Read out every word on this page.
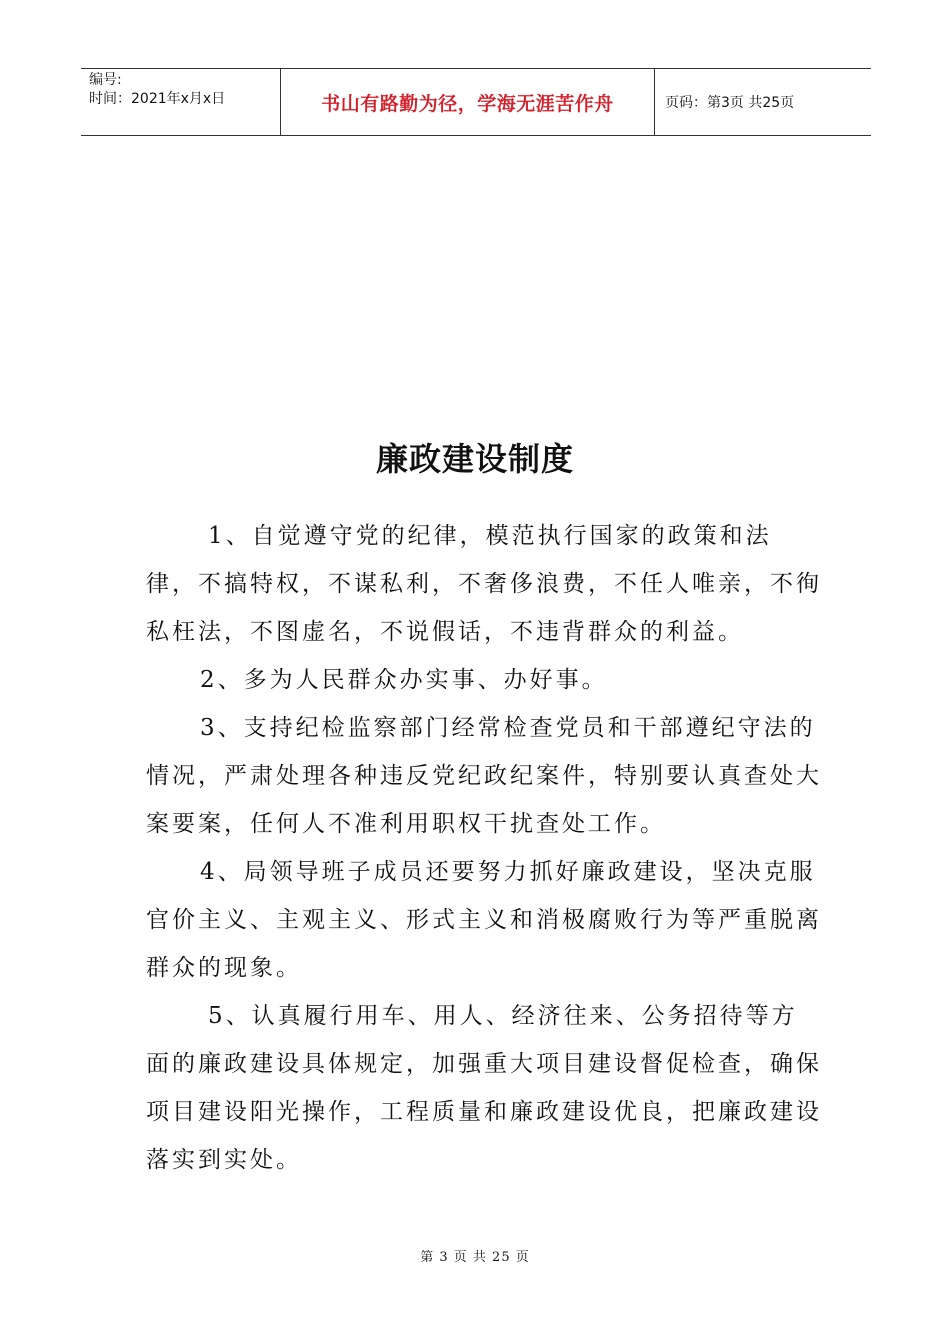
编号:
时间：2021年x月x日	书山有路勤为径，学海无涯苦作舟	页码：第3页 共25页
廉政建设制度

1、自觉遵守党的纪律，模范执行国家的政策和法律，不搞特权，不谋私利，不奢侈浪费，不任人唯亲，不徇私枉法，不图虚名，不说假话，不违背群众的利益。

2、多为人民群众办实事、办好事。

3、支持纪检监察部门经常检查党员和干部遵纪守法的情况，严肃处理各种违反党纪政纪案件，特别要认真查处大案要案，任何人不准利用职权干扰查处工作。

4、局领导班子成员还要努力抓好廉政建设，坚决克服官价主义、主观主义、形式主义和消极腐败行为等严重脱离群众的现象。

5、认真履行用车、用人、经济往来、公务招待等方面的廉政建设具体规定，加强重大项目建设督促检查，确保项目建设阳光操作，工程质量和廉政建设优良，把廉政建设落实到实处。

第 3 页 共 25 页
